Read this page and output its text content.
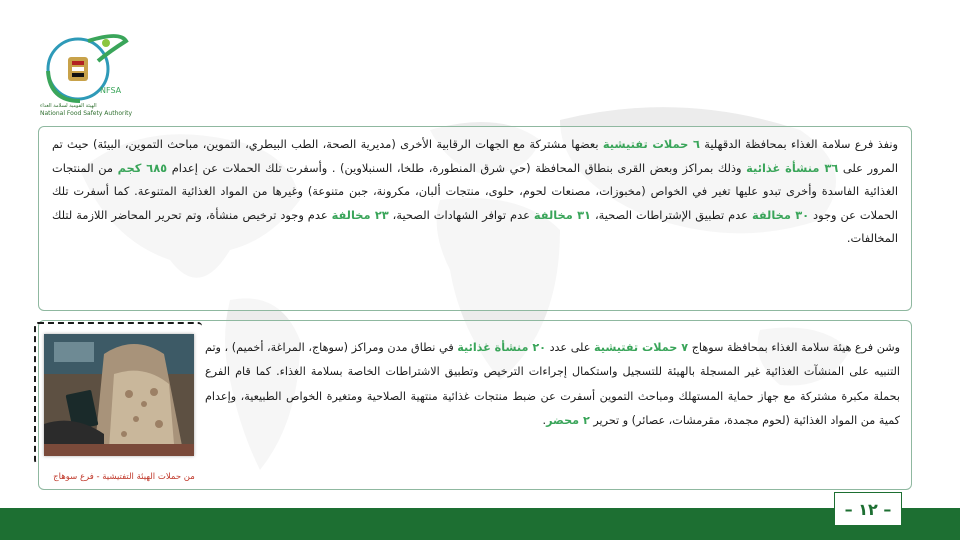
NFSA
الهيئة القومية لسلامة الغذاء
National Food Safety Authority
ونفذ فرع سلامة الغذاء بمحافظة الدقهلية ٦ حملات تفتيشية بعضها مشتركة مع الجهات الرقابية الأخرى (مديرية الصحة، الطب البيطري، التموين، مباحث التموين، البيئة) حيث تم المرور على ٣٦ منشأة غذائية وذلك بمراكز وبعض القرى بنطاق المحافظة (حي شرق المنطورة، طلخا، السنبلاوين) . وأسفرت تلك الحملات عن إعدام ٦٨٥ كجم من المنتجات الغذائية الفاسدة وأخرى تبدو عليها تغير في الخواص (مخبوزات، مصنعات لحوم، حلوى، منتجات ألبان، مكرونة، جبن متنوعة) وغيرها من المواد الغذائية المتنوعة. كما أسفرت تلك الحملات عن وجود ٣٠ مخالفة عدم تطبيق الإشتراطات الصحية، ٣١ مخالفة عدم توافر الشهادات الصحية، ٢٣ مخالفة عدم وجود ترخيص منشأة، وتم تحرير المحاضر اللازمة لتلك المخالفات.
وشن فرع هيئة سلامة الغذاء بمحافظة سوهاج ٧ حملات تفتيشية على عدد ٢٠ منشأة غذائية في نطاق مدن ومراكز (سوهاج، المراغة، أخميم) ، وتم التنبيه على المنشآت الغذائية غير المسجلة بالهيئة للتسجيل واستكمال إجراءات الترخيص وتطبيق الاشتراطات الخاصة بسلامة الغذاء. كما قام الفرع بحملة مكبرة مشتركة مع جهاز حماية المستهلك ومباحث التموين أسفرت عن ضبط منتجات غذائية منتهية الصلاحية ومتغيرة الخواص الطبيعية، وإعدام كمية من المواد الغذائية (لحوم مجمدة، مقرمشات، عصائر) و تحرير ٢ محضر.
من حملات الهيئة التفتيشية - فرع سوهاج
– ١٢ –
